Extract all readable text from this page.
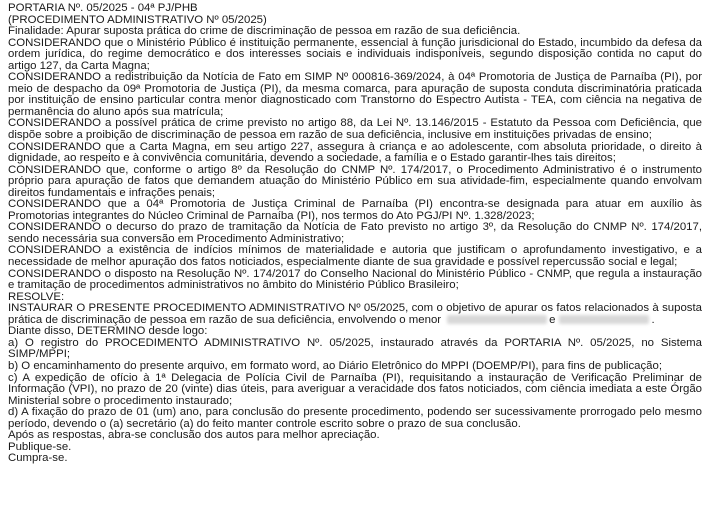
PORTARIA Nº. 05/2025 - 04ª PJ/PHB

(PROCEDIMENTO ADMINISTRATIVO Nº 05/2025)

Finalidade: Apurar suposta prática do crime de discriminação de pessoa em razão de sua deficiência.

CONSIDERANDO que o Ministério Público é instituição permanente, essencial à função jurisdicional do Estado, incumbido da defesa da ordem jurídica, do regime democrático e dos interesses sociais e individuais indisponíveis, segundo disposição contida no caput do artigo 127, da Carta Magna;

CONSIDERANDO a redistribuição da Notícia de Fato em SIMP Nº 000816-369/2024, à 04ª Promotoria de Justiça de Parnaíba (PI), por meio de despacho da 09ª Promotoria de Justiça (PI), da mesma comarca, para apuração de suposta conduta discriminatória praticada por instituição de ensino particular contra menor diagnosticado com Transtorno do Espectro Autista - TEA, com ciência na negativa de permanência do aluno após sua matrícula;

CONSIDERANDO a possível prática de crime previsto no artigo 88, da Lei Nº. 13.146/2015 - Estatuto da Pessoa com Deficiência, que dispõe sobre a proibição de discriminação de pessoa em razão de sua deficiência, inclusive em instituições privadas de ensino;

CONSIDERANDO que a Carta Magna, em seu artigo 227, assegura à criança e ao adolescente, com absoluta prioridade, o direito à dignidade, ao respeito e à convivência comunitária, devendo a sociedade, a família e o Estado garantir-lhes tais direitos;

CONSIDERANDO que, conforme o artigo 8º da Resolução do CNMP Nº. 174/2017, o Procedimento Administrativo é o instrumento próprio para apuração de fatos que demandem atuação do Ministério Público em sua atividade-fim, especialmente quando envolvam direitos fundamentais e infrações penais;

CONSIDERANDO que a 04ª Promotoria de Justiça Criminal de Parnaíba (PI) encontra-se designada para atuar em auxílio às Promotorias integrantes do Núcleo Criminal de Parnaíba (PI), nos termos do Ato PGJ/PI Nº. 1.328/2023;

CONSIDERANDO o decurso do prazo de tramitação da Notícia de Fato previsto no artigo 3º, da Resolução do CNMP Nº. 174/2017, sendo necessária sua conversão em Procedimento Administrativo;

CONSIDERANDO a existência de indícios mínimos de materialidade e autoria que justificam o aprofundamento investigativo, e a necessidade de melhor apuração dos fatos noticiados, especialmente diante de sua gravidade e possível repercussão social e legal;

CONSIDERANDO o disposto na Resolução Nº. 174/2017 do Conselho Nacional do Ministério Público - CNMP, que regula a instauração e tramitação de procedimentos administrativos no âmbito do Ministério Público Brasileiro;

RESOLVE:

INSTAURAR O PRESENTE PROCEDIMENTO ADMINISTRATIVO Nº 05/2025, com o objetivo de apurar os fatos relacionados à suposta prática de discriminação de pessoa em razão de sua deficiência, envolvendo o menor	e	.

Diante disso, DETERMINO desde logo:

a) O registro do PROCEDIMENTO ADMINISTRATIVO Nº. 05/2025, instaurado através da PORTARIA Nº. 05/2025, no Sistema SIMP/MPPI;

b) O encaminhamento do presente arquivo, em formato word, ao Diário Eletrônico do MPPI (DOEMP/PI), para fins de publicação;

c) A expedição de ofício à 1ª Delegacia de Polícia Civil de Parnaíba (PI), requisitando a instauração de Verificação Preliminar de Informação (VPI), no prazo de 20 (vinte) dias úteis, para averiguar a veracidade dos fatos noticiados, com ciência imediata a este Órgão Ministerial sobre o procedimento instaurado;

d) A fixação do prazo de 01 (um) ano, para conclusão do presente procedimento, podendo ser sucessivamente prorrogado pelo mesmo período, devendo o (a) secretário (a) do feito manter controle escrito sobre o prazo de sua conclusão.

Após as respostas, abra-se conclusão dos autos para melhor apreciação.

Publique-se.

Cumpra-se.
